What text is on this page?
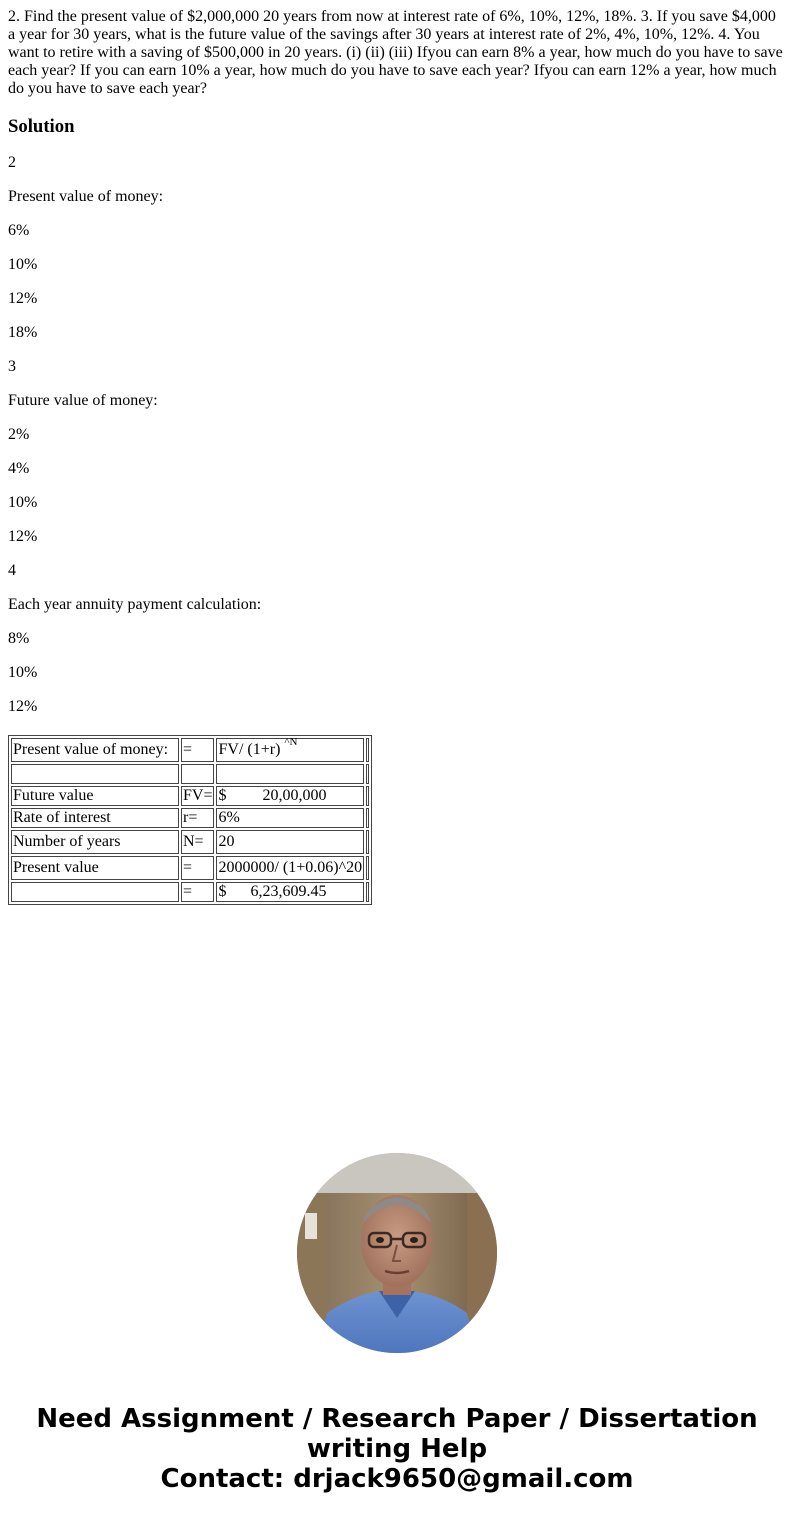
2. Find the present value of $2,000,000 20 years from now at interest rate of 6%, 10%, 12%, 18%. 3. If you save $4,000 a year for 30 years, what is the future value of the savings after 30 years at interest rate of 2%, 4%, 10%, 12%. 4. You want to retire with a saving of $500,000 in 20 years. (i) (ii) (iii) Ifyou can earn 8% a year, how much do you have to save each year? If you can earn 10% a year, how much do you have to save each year? Ifyou can earn 12% a year, how much do you have to save each year?

Solution

2

Present value of money:

6%

10%

12%

18%

3

Future value of money:

2%

4%

10%

12%

4

Each year annuity payment calculation:

8%

10%

12%

Present value of money:	=	FV/ (1+r) $^{\^{}N}$	

Future value	FV=	$         20,00,000	
Rate of interest	r=	6%	
Number of years	N=	20	
Present value	=	2000000/ (1+0.06)^20	
	=	$      6,23,609.45	
Need Assignment / Research Paper / Dissertation
writing Help
Contact: drjack9650@gmail.com
